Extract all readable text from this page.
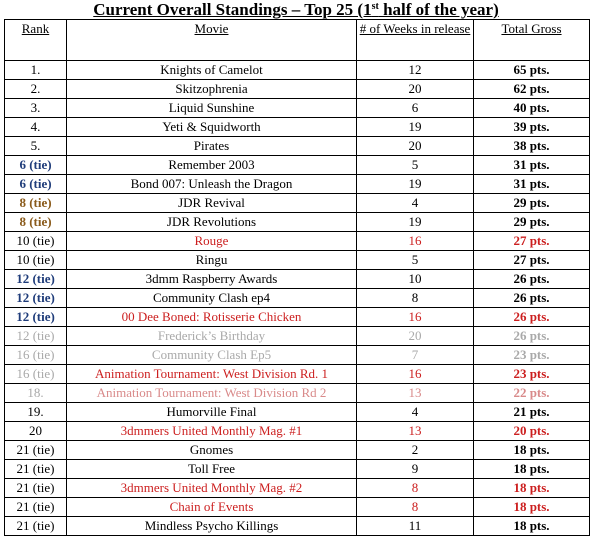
Current Overall Standings – Top 25 (1st half of the year)
Rank	Movie	# of Weeks in release	Total Gross
1.	Knights of Camelot	12	65 pts.
2.	Skitzophrenia	20	62 pts.
3.	Liquid Sunshine	6	40 pts.
4.	Yeti & Squidworth	19	39 pts.
5.	Pirates	20	38 pts.
6 (tie)	Remember 2003	5	31 pts.
6 (tie)	Bond 007: Unleash the Dragon	19	31 pts.
8 (tie)	JDR Revival	4	29 pts.
8 (tie)	JDR Revolutions	19	29 pts.
10 (tie)	Rouge	16	27 pts.
10 (tie)	Ringu	5	27 pts.
12 (tie)	3dmm Raspberry Awards	10	26 pts.
12 (tie)	Community Clash ep4	8	26 pts.
12 (tie)	00 Dee Boned: Rotisserie Chicken	16	26 pts.
12 (tie)	Frederick’s Birthday	20	26 pts.
16 (tie)	Community Clash Ep5	7	23 pts.
16 (tie)	Animation Tournament: West Division Rd. 1	16	23 pts.
18.	Animation Tournament: West Division Rd 2	13	22 pts.
19.	Humorville Final	4	21 pts.
20	3dmmers United Monthly Mag. #1	13	20 pts.
21 (tie)	Gnomes	2	18 pts.
21 (tie)	Toll Free	9	18 pts.
21 (tie)	3dmmers United Monthly Mag. #2	8	18 pts.
21 (tie)	Chain of Events	8	18 pts.
21 (tie)	Mindless Psycho Killings	11	18 pts.
